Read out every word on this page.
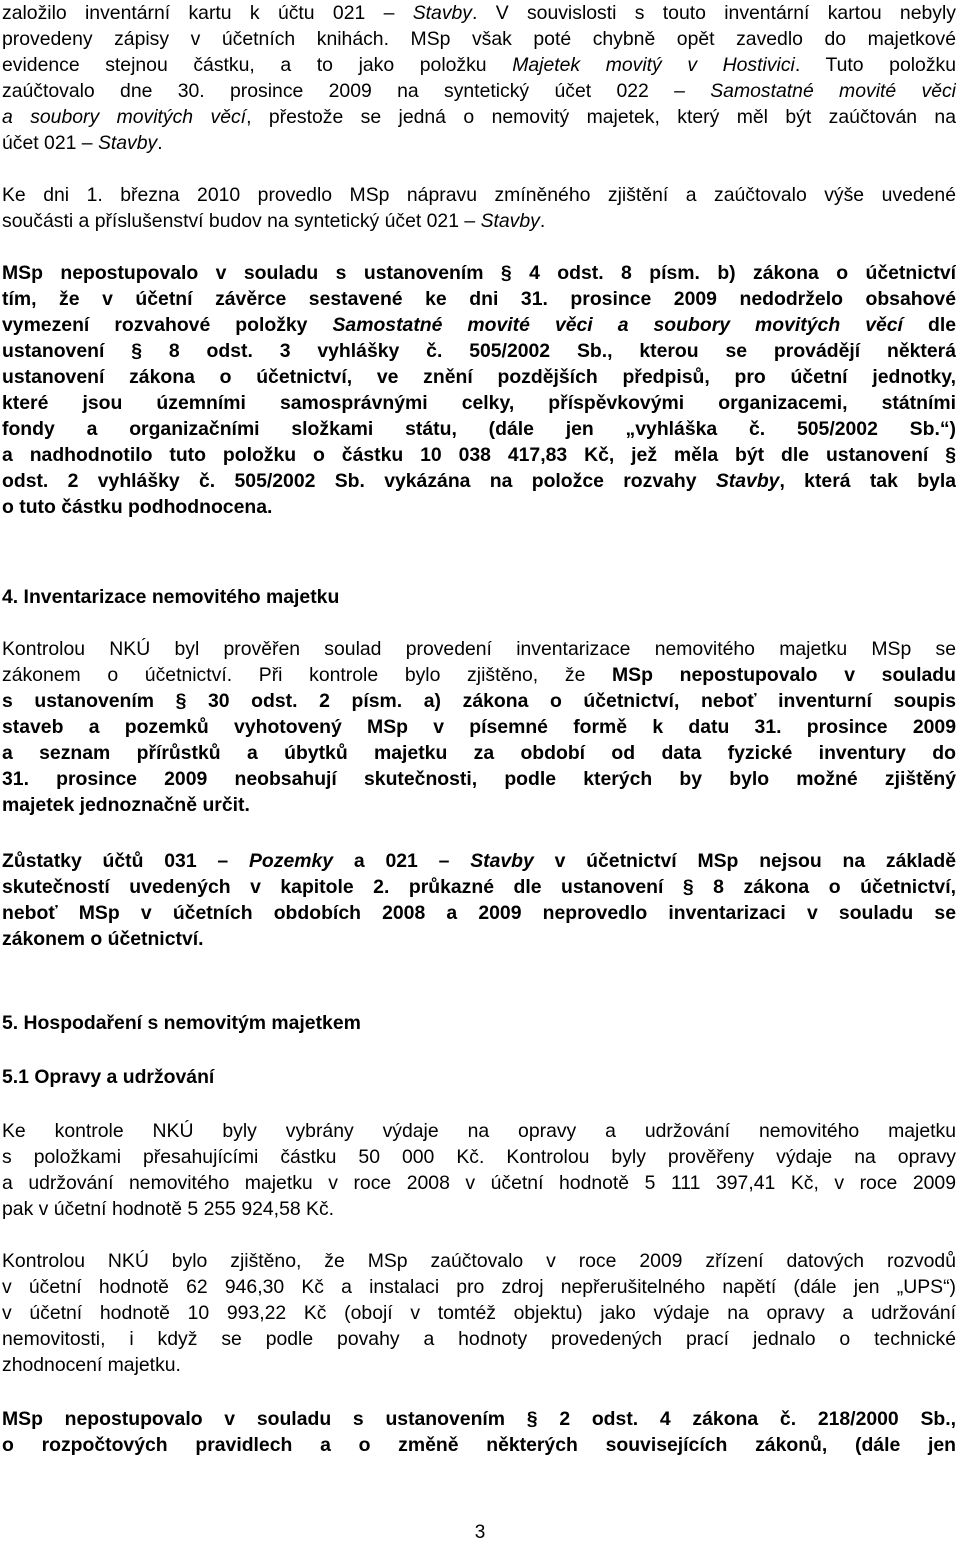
založilo inventární kartu k účtu 021 – Stavby. V souvislosti s touto inventární kartou nebyly
provedeny zápisy v účetních knihách. MSp však poté chybně opět zavedlo do majetkové
evidence stejnou částku, a to jako položku Majetek movitý v Hostivici. Tuto položku
zaúčtovalo dne 30. prosince 2009 na syntetický účet 022 – Samostatné movité věci
a soubory movitých věcí, přestože se jedná o nemovitý majetek, který měl být zaúčtován na
účet 021 – Stavby.
Ke dni 1. března 2010 provedlo MSp nápravu zmíněného zjištění a zaúčtovalo výše uvedené
součásti a příslušenství budov na syntetický účet 021 – Stavby.
MSp nepostupovalo v souladu s ustanovením § 4 odst. 8 písm. b) zákona o účetnictví
tím, že v účetní závěrce sestavené ke dni 31. prosince 2009 nedodrželo obsahové
vymezení rozvahové položky Samostatné movité věci a soubory movitých věcí dle
ustanovení § 8 odst. 3 vyhlášky č. 505/2002 Sb., kterou se provádějí některá
ustanovení zákona o účetnictví, ve znění pozdějších předpisů, pro účetní jednotky,
které jsou územními samosprávnými celky, příspěvkovými organizacemi, státními
fondy a organizačními složkami státu, (dále jen „vyhláška č. 505/2002 Sb.“)
a nadhodnotilo tuto položku o částku 10 038 417,83 Kč, jež měla být dle ustanovení §
odst. 2 vyhlášky č. 505/2002 Sb. vykázána na položce rozvahy Stavby, která tak byla
o tuto částku podhodnocena.
4. Inventarizace nemovitého majetku
Kontrolou NKÚ byl prověřen soulad provedení inventarizace nemovitého majetku MSp se
zákonem o účetnictví. Při kontrole bylo zjištěno, že MSp nepostupovalo v souladu
s ustanovením § 30 odst. 2 písm. a) zákona o účetnictví, neboť inventurní soupis
staveb a pozemků vyhotovený MSp v písemné formě k datu 31. prosince 2009
a seznam přírůstků a úbytků majetku za období od data fyzické inventury do
31. prosince 2009 neobsahují skutečnosti, podle kterých by bylo možné zjištěný
majetek jednoznačně určit.
Zůstatky účtů 031 – Pozemky a 021 – Stavby v účetnictví MSp nejsou na základě
skutečností uvedených v kapitole 2. průkazné dle ustanovení § 8 zákona o účetnictví,
neboť MSp v účetních obdobích 2008 a 2009 neprovedlo inventarizaci v souladu se
zákonem o účetnictví.
5. Hospodaření s nemovitým majetkem
5.1 Opravy a udržování
Ke kontrole NKÚ byly vybrány výdaje na opravy a udržování nemovitého majetku
s položkami přesahujícími částku 50 000 Kč. Kontrolou byly prověřeny výdaje na opravy
a udržování nemovitého majetku v roce 2008 v účetní hodnotě 5 111 397,41 Kč, v roce 2009
pak v účetní hodnotě 5 255 924,58 Kč.
Kontrolou NKÚ bylo zjištěno, že MSp zaúčtovalo v roce 2009 zřízení datových rozvodů
v účetní hodnotě 62 946,30 Kč a instalaci pro zdroj nepřerušitelného napětí (dále jen „UPS“)
v účetní hodnotě 10 993,22 Kč (obojí v tomtéž objektu) jako výdaje na opravy a udržování
nemovitosti, i když se podle povahy a hodnoty provedených prací jednalo o technické
zhodnocení majetku.
MSp nepostupovalo v souladu s ustanovením § 2 odst. 4 zákona č. 218/2000 Sb.,
o rozpočtových pravidlech a o změně některých souvisejících zákonů, (dále jen
3
